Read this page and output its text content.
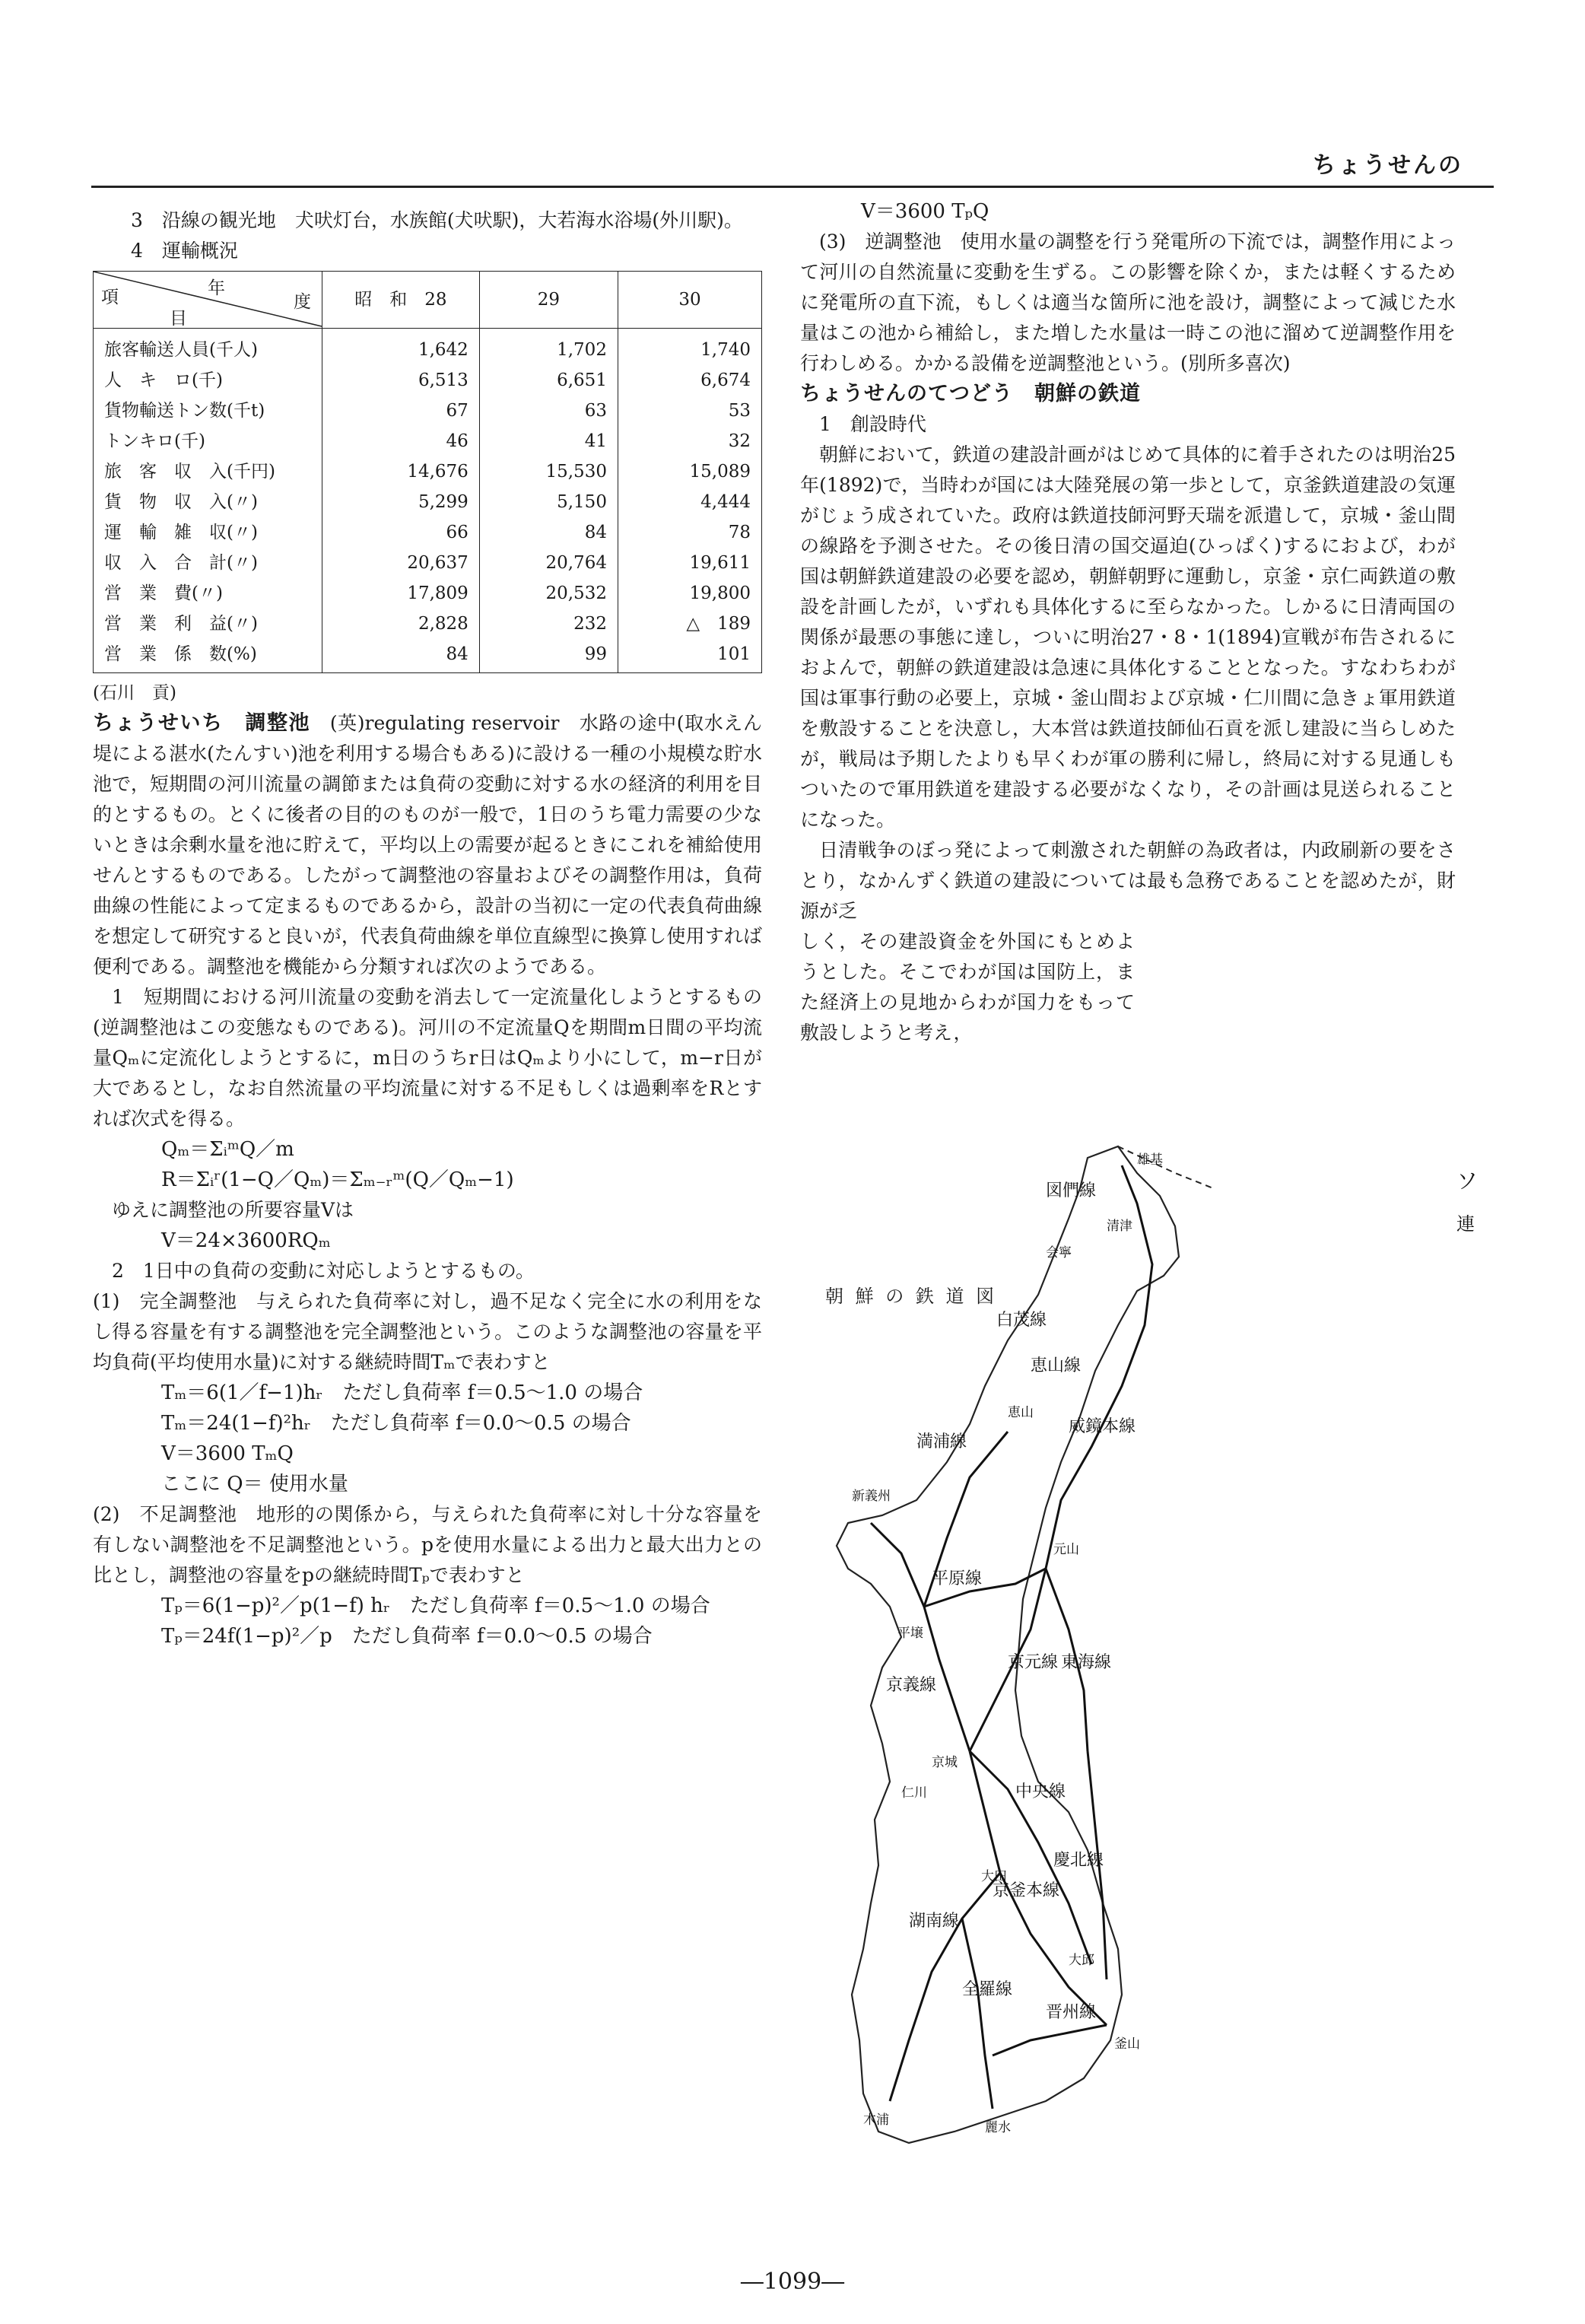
ちょうせんの

3　沿線の観光地　犬吠灯台，水族館(犬吠駅)，大若海水浴場(外川駅)。

4　運輸概況

年
度
項
目	昭　和　28	29	30
旅客輸送人員(千人)	1,642	1,702	1,740
人　キ　ロ(千)	6,513	6,651	6,674
貨物輸送トン数(千t)	67	63	53
トンキロ(千)	46	41	32
旅　客　収　入(千円)	14,676	15,530	15,089
貨　物　収　入(〃)	5,299	5,150	4,444
運　輸　雑　収(〃)	66	84	78
収　入　合　計(〃)	20,637	20,764	19,611
営　業　費(〃)	17,809	20,532	19,800
営　業　利　益(〃)	2,828	232	△　189
営　業　係　数(%)	84	99	101

(石川　貢)

ちょうせいち　調整池　 (英)regulating reservoir　水路の途中(取水えん堤による湛水(たんすい)池を利用する場合もある)に設ける一種の小規模な貯水池で，短期間の河川流量の調節または負荷の変動に対する水の経済的利用を目的とするもの。とくに後者の目的のものが一般で，1日のうち電力需要の少ないときは余剰水量を池に貯えて，平均以上の需要が起るときにこれを補給使用せんとするものである。したがって調整池の容量およびその調整作用は，負荷曲線の性能によって定まるものであるから，設計の当初に一定の代表負荷曲線を想定して研究すると良いが，代表負荷曲線を単位直線型に換算し使用すれば便利である。調整池を機能から分類すれば次のようである。

1　短期間における河川流量の変動を消去して一定流量化しようとするもの(逆調整池はこの変態なものである)。河川の不定流量Qを期間m日間の平均流量Qₘに定流化しようとするに，m日のうちr日はQₘより小にして，m−r日が大であるとし，なお自然流量の平均流量に対する不足もしくは過剰率をRとすれば次式を得る。

Qₘ＝ΣᵢᵐQ／m

R＝Σᵢʳ(1−Q／Qₘ)＝Σₘ₋ᵣᵐ(Q／Qₘ−1)

ゆえに調整池の所要容量Vは

V＝24×3600RQₘ

2　1日中の負荷の変動に対応しようとするもの。

(1)　完全調整池　与えられた負荷率に対し，過不足なく完全に水の利用をなし得る容量を有する調整池を完全調整池という。このような調整池の容量を平均負荷(平均使用水量)に対する継続時間Tₘで表わすと

Tₘ＝6(1／f−1)hᵣ　ただし負荷率 f＝0.5〜1.0 の場合

Tₘ＝24(1−f)²hᵣ　ただし負荷率 f＝0.0〜0.5 の場合

V＝3600 TₘQ

ここに Q＝ 使用水量

(2)　不足調整池　地形的の関係から，与えられた負荷率に対し十分な容量を有しない調整池を不足調整池という。pを使用水量による出力と最大出力との比とし，調整池の容量をpの継続時間Tₚで表わすと

Tₚ＝6(1−p)²／p(1−f) hᵣ　ただし負荷率 f＝0.5〜1.0 の場合

Tₚ＝24f(1−p)²／p　ただし負荷率 f＝0.0〜0.5 の場合

V＝3600 TₚQ

(3)　逆調整池　使用水量の調整を行う発電所の下流では，調整作用によって河川の自然流量に変動を生ずる。この影響を除くか，または軽くするために発電所の直下流，もしくは適当な箇所に池を設け，調整によって減じた水量はこの池から補給し，また増した水量は一時この池に溜めて逆調整作用を行わしめる。かかる設備を逆調整池という。(別所多喜次)

ちょうせんのてつどう　朝鮮の鉄道

1　創設時代

朝鮮において，鉄道の建設計画がはじめて具体的に着手されたのは明治25年(1892)で，当時わが国には大陸発展の第一歩として，京釜鉄道建設の気運がじょう成されていた。政府は鉄道技師河野天瑞を派遣して，京城・釜山間の線路を予測させた。その後日清の国交逼迫(ひっぱく)するにおよび，わが国は朝鮮鉄道建設の必要を認め，朝鮮朝野に運動し，京釜・京仁両鉄道の敷設を計画したが，いずれも具体化するに至らなかった。しかるに日清両国の関係が最悪の事態に達し，ついに明治27・8・1(1894)宣戦が布告されるにおよんで，朝鮮の鉄道建設は急速に具体化することとなった。すなわちわが国は軍事行動の必要上，京城・釜山間および京城・仁川間に急きょ軍用鉄道を敷設することを決意し，大本営は鉄道技師仙石貢を派し建設に当らしめたが，戦局は予期したよりも早くわが軍の勝利に帰し，終局に対する見通しもついたので軍用鉄道を建設する必要がなくなり，その計画は見送られることになった。

日清戦争のぼっ発によって刺激された朝鮮の為政者は，内政刷新の要をさとり，なかんずく鉄道の建設については最も急務であることを認めたが，財源が乏

しく，その建設資金を外国にもとめようとした。そこでわが国は国防上，また経済上の見地からわが国力をもって敷設しようと考え，

朝 鮮 の 鉄 道 図
図們線
白茂線
恵山線
威鏡本線
満浦線
平原線
京義線
京元線 東海線
中央線
慶北線
京釜本線
湖南線
全羅線
晋州線
雄基
清津
会寧
恵山
新義州
平壌
元山
京城
仁川
大田
大邱
釜山
木浦	麗水
ソ
連
―1099―
